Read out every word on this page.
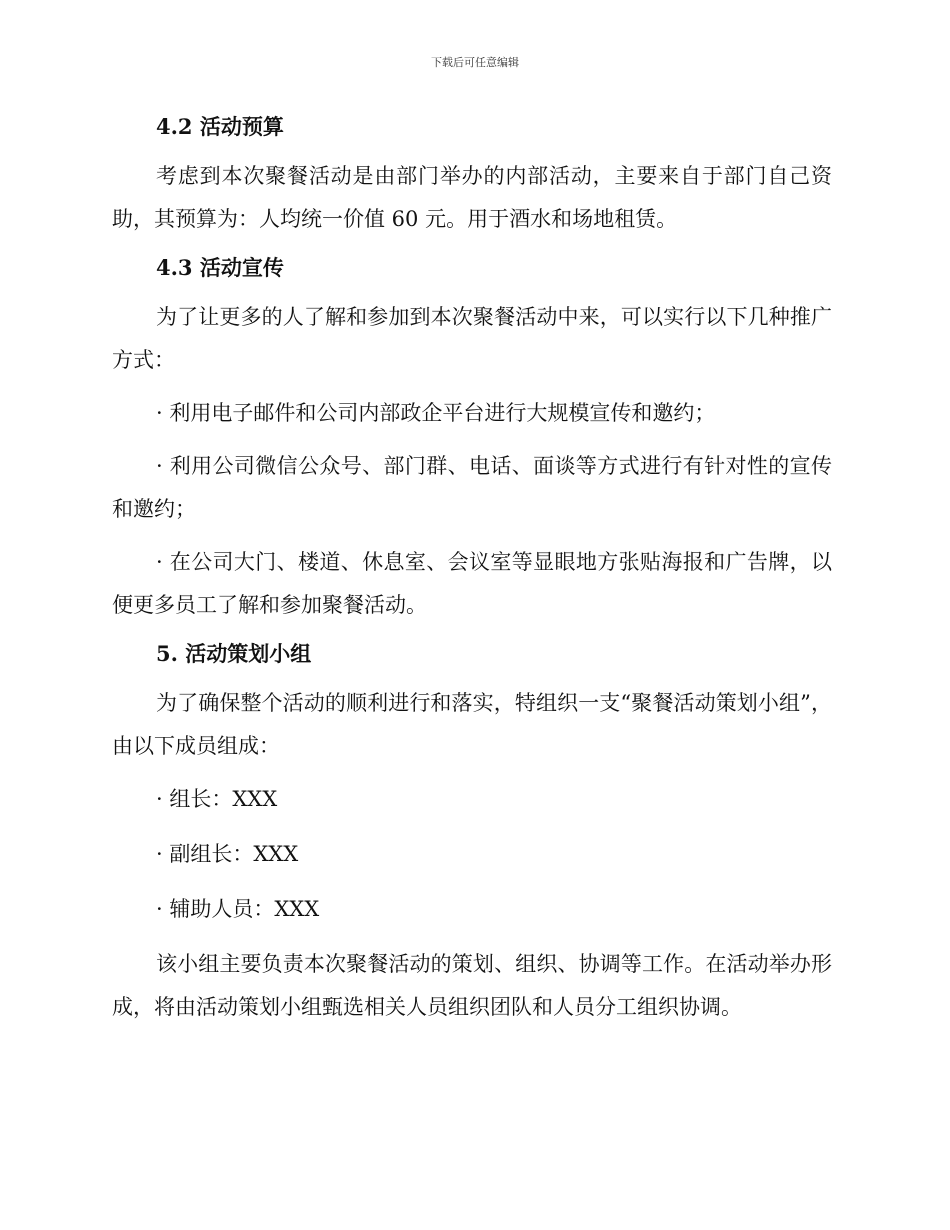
下载后可任意编辑
4.2 活动预算

考虑到本次聚餐活动是由部门举办的内部活动，主要来自于部门自己资助，其预算为：人均统一价值 60 元。用于酒水和场地租赁。

4.3 活动宣传

为了让更多的人了解和参加到本次聚餐活动中来，可以实行以下几种推广方式：

· 利用电子邮件和公司内部政企平台进行大规模宣传和邀约；

· 利用公司微信公众号、部门群、电话、面谈等方式进行有针对性的宣传和邀约；

· 在公司大门、楼道、休息室、会议室等显眼地方张贴海报和广告牌，以便更多员工了解和参加聚餐活动。

5. 活动策划小组

为了确保整个活动的顺利进行和落实，特组织一支“聚餐活动策划小组”，由以下成员组成：

· 组长：XXX

· 副组长：XXX

· 辅助人员：XXX

该小组主要负责本次聚餐活动的策划、组织、协调等工作。在活动举办形成，将由活动策划小组甄选相关人员组织团队和人员分工组织协调。
